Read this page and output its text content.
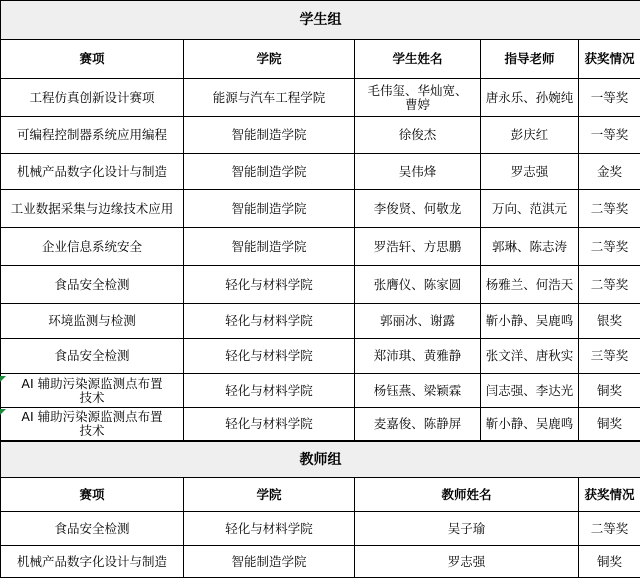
学生组				
赛项	学院	学生姓名	指导老师	获奖情况
工程仿真创新设计赛项	能源与汽车工程学院	毛伟玺、华灿宽、曹婷	唐永乐、孙婉纯	一等奖
可编程控制器系统应用编程	智能制造学院	徐俊杰	彭庆红	一等奖
机械产品数字化设计与制造	智能制造学院	吴伟烽	罗志强	金奖
工业数据采集与边缘技术应用	智能制造学院	李俊贤、何敬龙	万向、范淇元	二等奖
企业信息系统安全	智能制造学院	罗浩轩、方思鹏	郭琳、陈志涛	二等奖
食品安全检测	轻化与材料学院	张膺仪、陈家圆	杨雅兰、何浩天	二等奖
环境监测与检测	轻化与材料学院	郭丽冰、谢露	靳小静、吴鹿鸣	银奖
食品安全检测	轻化与材料学院	郑沛琪、黄雅静	张文洋、唐秋实	三等奖
AI 辅助污染源监测点布置技术	轻化与材料学院	杨钰燕、梁颖霖	闫志强、李达光	铜奖
AI 辅助污染源监测点布置技术	轻化与材料学院	麦嘉俊、陈静屏	靳小静、吴鹿鸣	铜奖
教师组			
赛项	学院	教师姓名	获奖情况
食品安全检测	轻化与材料学院	吴子瑜	二等奖
机械产品数字化设计与制造	智能制造学院	罗志强	铜奖
